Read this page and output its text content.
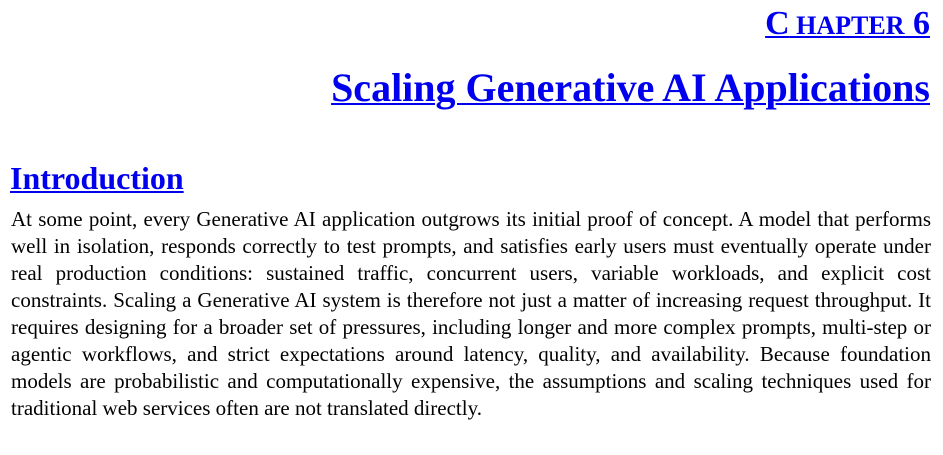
C HAPTER 6
Scaling Generative AI Applications
Introduction

At some point, every Generative AI application outgrows its initial proof of concept. A model that performs well in isolation, responds correctly to test prompts, and satisfies early users must eventually operate under real production conditions: sustained traffic, concurrent users, variable workloads, and explicit cost constraints. Scaling a Generative AI system is therefore not just a matter of increasing request throughput. It requires designing for a broader set of pressures, including longer and more complex prompts, multi-step or agentic workflows, and strict expectations around latency, quality, and availability. Because foundation models are probabilistic and computationally expensive, the assumptions and scaling techniques used for traditional web services often are not translated directly.
